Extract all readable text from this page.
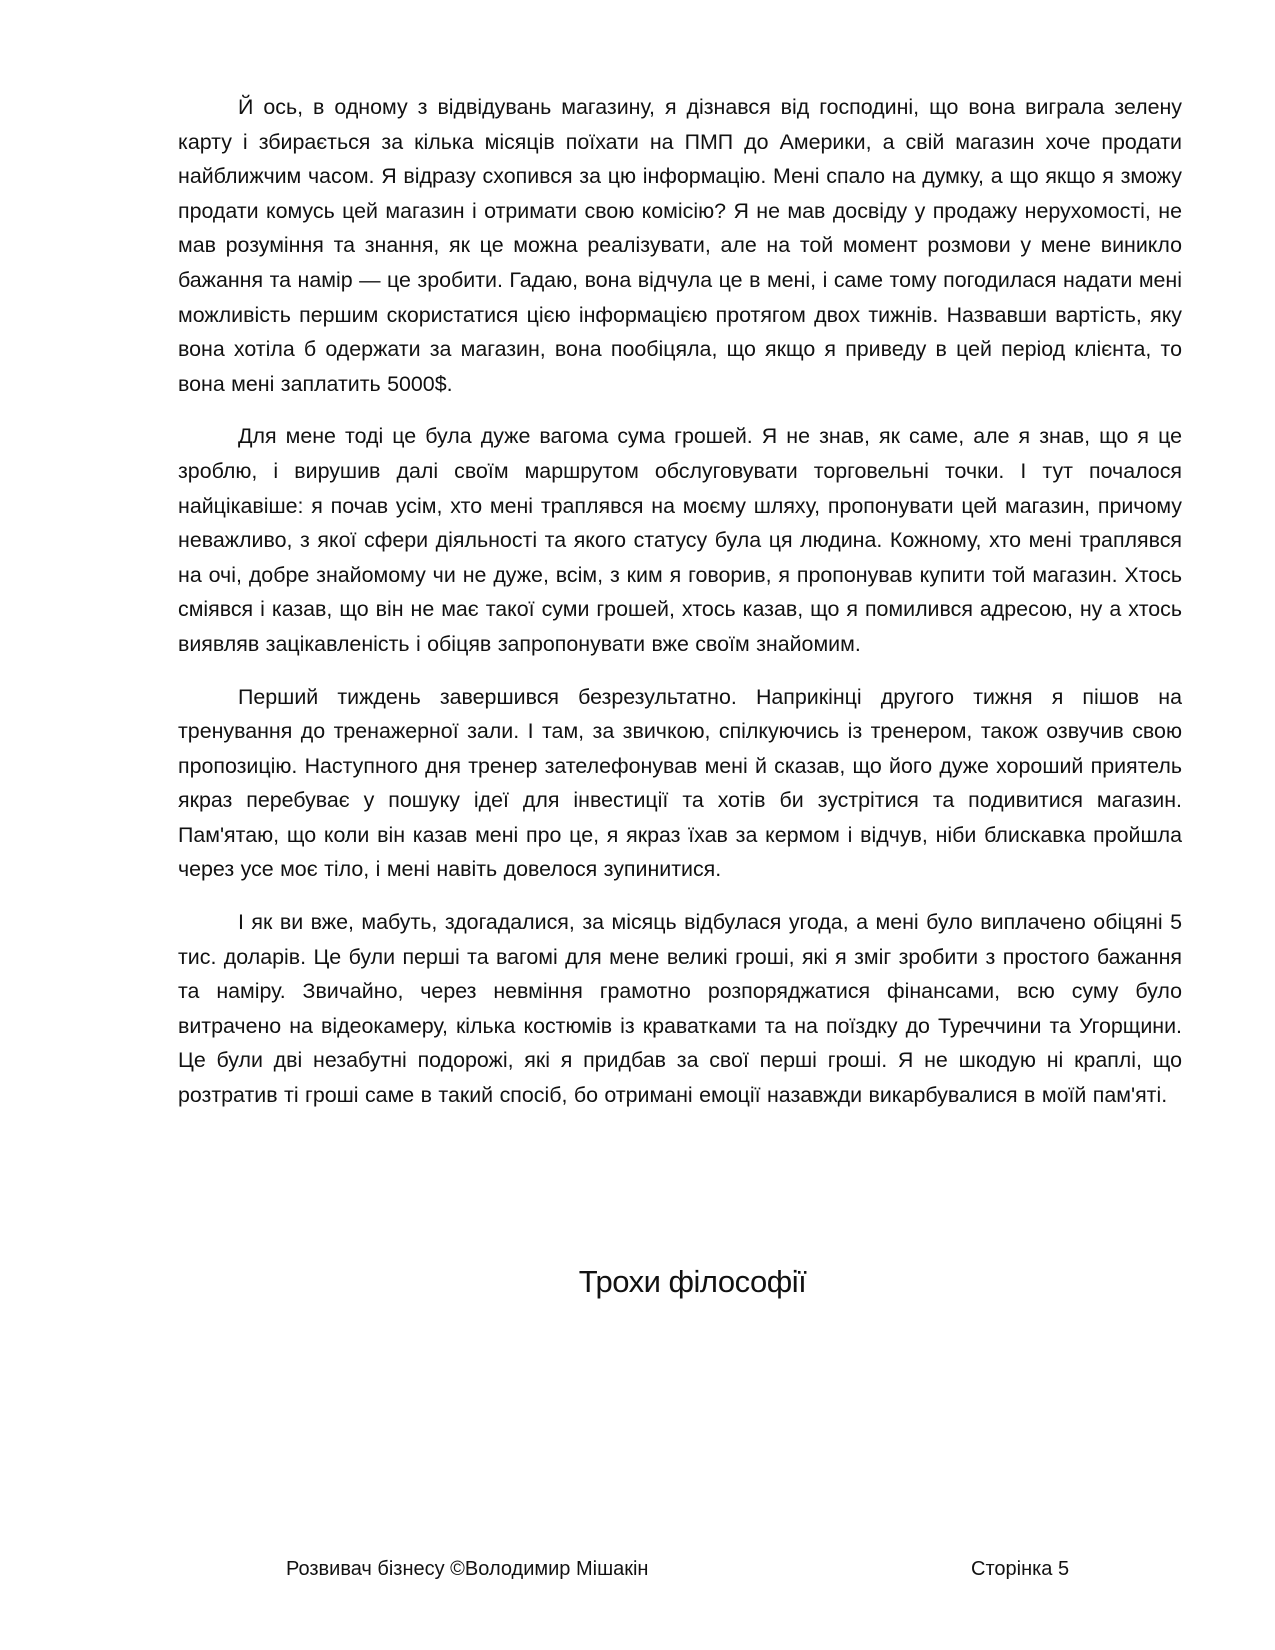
Й ось, в одному з відвідувань магазину, я дізнався від господині, що вона виграла зелену карту і збирається за кілька місяців поїхати на ПМП до Америки, а свій магазин хоче продати найближчим часом. Я відразу схопився за цю інформацію. Мені спало на думку, а що якщо я зможу продати комусь цей магазин і отримати свою комісію? Я не мав досвіду у продажу нерухомості, не мав розуміння та знання, як це можна реалізувати, але на той момент розмови у мене виникло бажання та намір — це зробити. Гадаю, вона відчула це в мені, і саме тому погодилася надати мені можливість першим скористатися цією інформацією протягом двох тижнів. Назвавши вартість, яку вона хотіла б одержати за магазин, вона пообіцяла, що якщо я приведу в цей період клієнта, то вона мені заплатить 5000$.

Для мене тоді це була дуже вагома сума грошей. Я не знав, як саме, але я знав, що я це зроблю, і вирушив далі своїм маршрутом обслуговувати торговельні точки. І тут почалося найцікавіше: я почав усім, хто мені траплявся на моєму шляху, пропонувати цей магазин, причому неважливо, з якої сфери діяльності та якого статусу була ця людина. Кожному, хто мені траплявся на очі, добре знайомому чи не дуже, всім, з ким я говорив, я пропонував купити той магазин. Хтось сміявся і казав, що він не має такої суми грошей, хтось казав, що я помилився адресою, ну а хтось виявляв зацікавленість і обіцяв запропонувати вже своїм знайомим.

Перший тиждень завершився безрезультатно. Наприкінці другого тижня я пішов на тренування до тренажерної зали. І там, за звичкою, спілкуючись із тренером, також озвучив свою пропозицію. Наступного дня тренер зателефонував мені й сказав, що його дуже хороший приятель якраз перебуває у пошуку ідеї для інвестиції та хотів би зустрітися та подивитися магазин. Пам'ятаю, що коли він казав мені про це, я якраз їхав за кермом і відчув, ніби блискавка пройшла через усе моє тіло, і мені навіть довелося зупинитися.

І як ви вже, мабуть, здогадалися, за місяць відбулася угода, а мені було виплачено обіцяні 5 тис. доларів. Це були перші та вагомі для мене великі гроші, які я зміг зробити з простого бажання та наміру. Звичайно, через невміння грамотно розпоряджатися фінансами, всю суму було витрачено на відеокамеру, кілька костюмів із краватками та на поїздку до Туреччини та Угорщини. Це були дві незабутні подорожі, які я придбав за свої перші гроші. Я не шкодую ні краплі, що розтратив ті гроші саме в такий спосіб, бо отримані емоції назавжди викарбувалися в моїй пам'яті.

Трохи філософії
Розвивач бізнесу ©Володимир Мішакін	Сторінка 5
